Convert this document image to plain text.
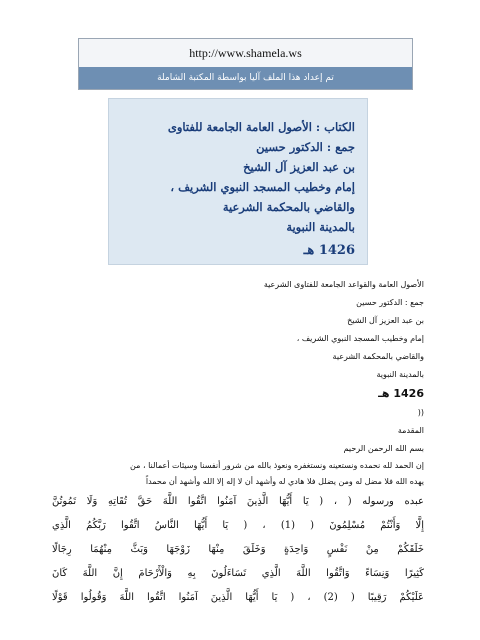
http://www.shamela.ws
تم إعداد هذا الملف آليا بواسطة المكتبة الشاملة
الكتاب : الأصول العامة الجامعة للفتاوى
جمع : الدكتور حسين
بن عبد العزيز آل الشيخ
إمام وخطيب المسجد النبوي الشريف ،
والقاضي بالمحكمة الشرعية
بالمدينة النبوية
1426 هـ
الأصول العامة والقواعد الجامعة للفتاوى الشرعية
جمع : الدكتور حسين
بن عبد العزيز آل الشيخ
إمام وخطيب المسجد النبوي الشريف ،
والقاضي بالمحكمة الشرعية
بالمدينة النبوية
1426 هـ
((
المقدمة
بسم الله الرحمن الرحيم
إن الحمد لله نحمده ونستعينه ونستغفره ونعوذ بالله من شرور أنفسنا وسيئات أعمالنا ، من
يهده الله فلا مضل له ومن يضلل فلا هادي له وأشهد أن لا إله إلا الله وأشهد أن محمداً
عبده ورسوله ( ، ( يَا أَيُّهَا الَّذِينَ آمَنُوا اتَّقُوا اللَّهَ حَقَّ تُقَاتِهِ وَلَا تَمُوتُنَّ
إِلَّا وَأَنْتُمْ مُسْلِمُونَ ( (1) ، ( يَا أَيُّهَا النَّاسُ اتَّقُوا رَبَّكُمُ الَّذِي
خَلَقَكُمْ مِنْ نَفْسٍ وَاحِدَةٍ وَخَلَقَ مِنْهَا زَوْجَهَا وَبَثَّ مِنْهُمَا رِجَالًا
كَثِيرًا وَنِسَاءً وَاتَّقُوا اللَّهَ الَّذِي تَسَاءَلُونَ بِهِ وَالْأَرْحَامَ إِنَّ اللَّهَ كَانَ
عَلَيْكُمْ رَقِيبًا ( (2) ، ( يَا أَيُّهَا الَّذِينَ آمَنُوا اتَّقُوا اللَّهَ وَقُولُوا قَوْلًا
